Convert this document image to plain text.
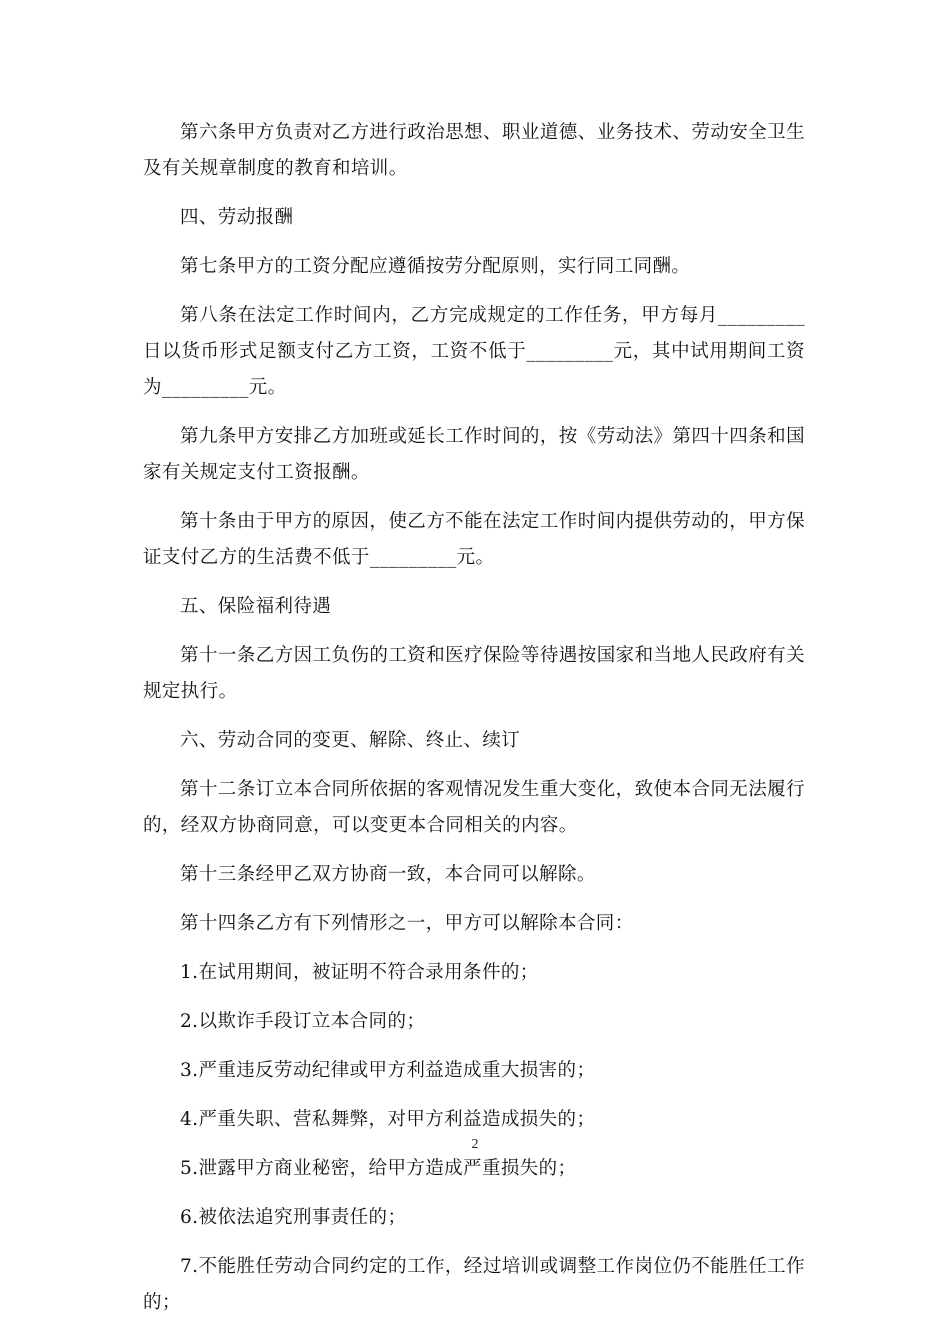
第六条甲方负责对乙方进行政治思想、职业道德、业务技术、劳动安全卫生及有关规章制度的教育和培训。

四、劳动报酬

第七条甲方的工资分配应遵循按劳分配原则，实行同工同酬。

第八条在法定工作时间内，乙方完成规定的工作任务，甲方每月_________日以货币形式足额支付乙方工资，工资不低于_________元，其中试用期间工资为_________元。

第九条甲方安排乙方加班或延长工作时间的，按《劳动法》第四十四条和国家有关规定支付工资报酬。

第十条由于甲方的原因，使乙方不能在法定工作时间内提供劳动的，甲方保证支付乙方的生活费不低于_________元。

五、保险福利待遇

第十一条乙方因工负伤的工资和医疗保险等待遇按国家和当地人民政府有关规定执行。

六、劳动合同的变更、解除、终止、续订

第十二条订立本合同所依据的客观情况发生重大变化，致使本合同无法履行的，经双方协商同意，可以变更本合同相关的内容。

第十三条经甲乙双方协商一致，本合同可以解除。

第十四条乙方有下列情形之一，甲方可以解除本合同：

1.在试用期间，被证明不符合录用条件的；

2.以欺诈手段订立本合同的；

3.严重违反劳动纪律或甲方利益造成重大损害的；

4.严重失职、营私舞弊，对甲方利益造成损失的；

5.泄露甲方商业秘密，给甲方造成严重损失的；

6.被依法追究刑事责任的；

7.不能胜任劳动合同约定的工作，经过培训或调整工作岗位仍不能胜任工作的；

2
